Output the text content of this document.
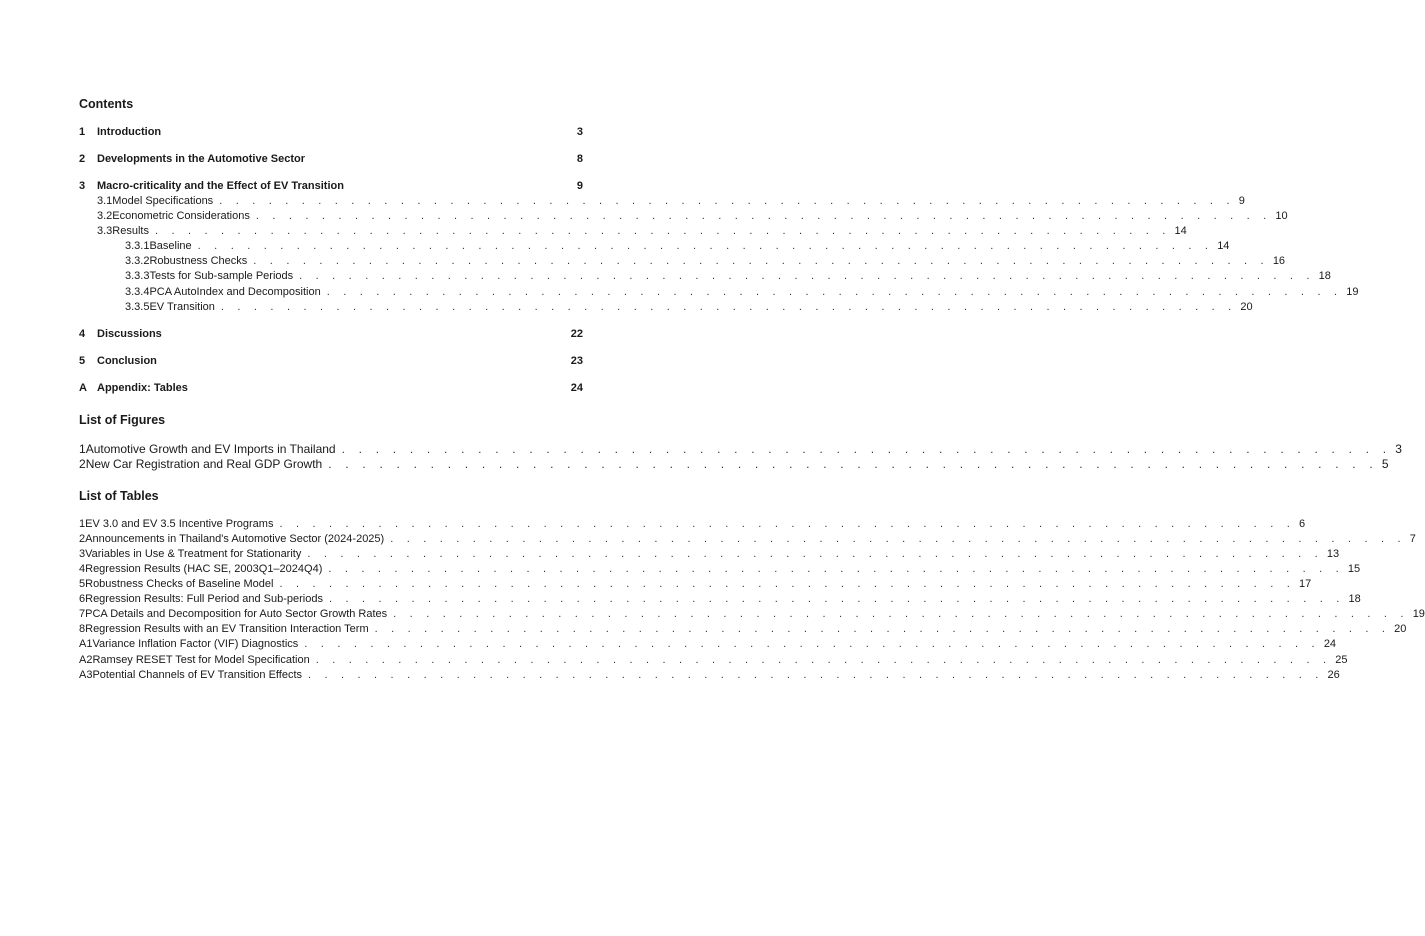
Contents
1	Introduction	3
2	Developments in the Automotive Sector	8
3	Macro-criticality and the Effect of EV Transition	9
3.1 Model Specifications . . . . . . . . . . . . . . . . . . . . . . . . . . . . . . . . . . . . . . . . . . . . . . . . . . . . . . . . . . . . . . 9
3.2 Econometric Considerations . . . . . . . . . . . . . . . . . . . . . . . . . . . . . . . . . . . . . . . . . . . . . . . . . . . . . . . . . . . . . . 10
3.3 Results . . . . . . . . . . . . . . . . . . . . . . . . . . . . . . . . . . . . . . . . . . . . . . . . . . . . . . . . . . . . . . 14
3.3.1 Baseline . . . . . . . . . . . . . . . . . . . . . . . . . . . . . . . . . . . . . . . . . . . . . . . . . . . . . . . . . . . . . . 14
3.3.2 Robustness Checks . . . . . . . . . . . . . . . . . . . . . . . . . . . . . . . . . . . . . . . . . . . . . . . . . . . . . . . . . . . . . . 16
3.3.3 Tests for Sub-sample Periods . . . . . . . . . . . . . . . . . . . . . . . . . . . . . . . . . . . . . . . . . . . . . . . . . . . . . . . . . . . . . . 18
3.3.4 PCA AutoIndex and Decomposition . . . . . . . . . . . . . . . . . . . . . . . . . . . . . . . . . . . . . . . . . . . . . . . . . . . . . . . . . . . . . . 19
3.3.5 EV Transition . . . . . . . . . . . . . . . . . . . . . . . . . . . . . . . . . . . . . . . . . . . . . . . . . . . . . . . . . . . . . . 20
4	Discussions	22
5	Conclusion	23
A Appendix: Tables	24
List of Figures
1 Automotive Growth and EV Imports in Thailand . . . . . . . . . . . . . . . . . . . . . . . . . . . . . . . . . . . . . . . . . . . . . . . . . . . . . . . . . . . . . . 3
2 New Car Registration and Real GDP Growth . . . . . . . . . . . . . . . . . . . . . . . . . . . . . . . . . . . . . . . . . . . . . . . . . . . . . . . . . . . . . . 5
List of Tables
1 EV 3.0 and EV 3.5 Incentive Programs . . . . . . . . . . . . . . . . . . . . . . . . . . . . . . . . . . . . . . . . . . . . . . . . . . . . . . . . . . . . . . 6
2 Announcements in Thailand's Automotive Sector (2024-2025) . . . . . . . . . . . . . . . . . . . . . . . . . . . . . . . . . . . . . . . . . . . . . . . . . . . . . . . . . . . . . . 7
3 Variables in Use & Treatment for Stationarity . . . . . . . . . . . . . . . . . . . . . . . . . . . . . . . . . . . . . . . . . . . . . . . . . . . . . . . . . . . . . . 13
4 Regression Results (HAC SE, 2003Q1–2024Q4) . . . . . . . . . . . . . . . . . . . . . . . . . . . . . . . . . . . . . . . . . . . . . . . . . . . . . . . . . . . . . . 15
5 Robustness Checks of Baseline Model . . . . . . . . . . . . . . . . . . . . . . . . . . . . . . . . . . . . . . . . . . . . . . . . . . . . . . . . . . . . . . 17
6 Regression Results: Full Period and Sub-periods . . . . . . . . . . . . . . . . . . . . . . . . . . . . . . . . . . . . . . . . . . . . . . . . . . . . . . . . . . . . . . 18
7 PCA Details and Decomposition for Auto Sector Growth Rates . . . . . . . . . . . . . . . . . . . . . . . . . . . . . . . . . . . . . . . . . . . . . . . . . . . . . . . . . . . . . . 19
8 Regression Results with an EV Transition Interaction Term . . . . . . . . . . . . . . . . . . . . . . . . . . . . . . . . . . . . . . . . . . . . . . . . . . . . . . . . . . . . . . 20
A1 Variance Inflation Factor (VIF) Diagnostics . . . . . . . . . . . . . . . . . . . . . . . . . . . . . . . . . . . . . . . . . . . . . . . . . . . . . . . . . . . . . . 24
A2 Ramsey RESET Test for Model Specification . . . . . . . . . . . . . . . . . . . . . . . . . . . . . . . . . . . . . . . . . . . . . . . . . . . . . . . . . . . . . . 25
A3 Potential Channels of EV Transition Effects . . . . . . . . . . . . . . . . . . . . . . . . . . . . . . . . . . . . . . . . . . . . . . . . . . . . . . . . . . . . . . 26
